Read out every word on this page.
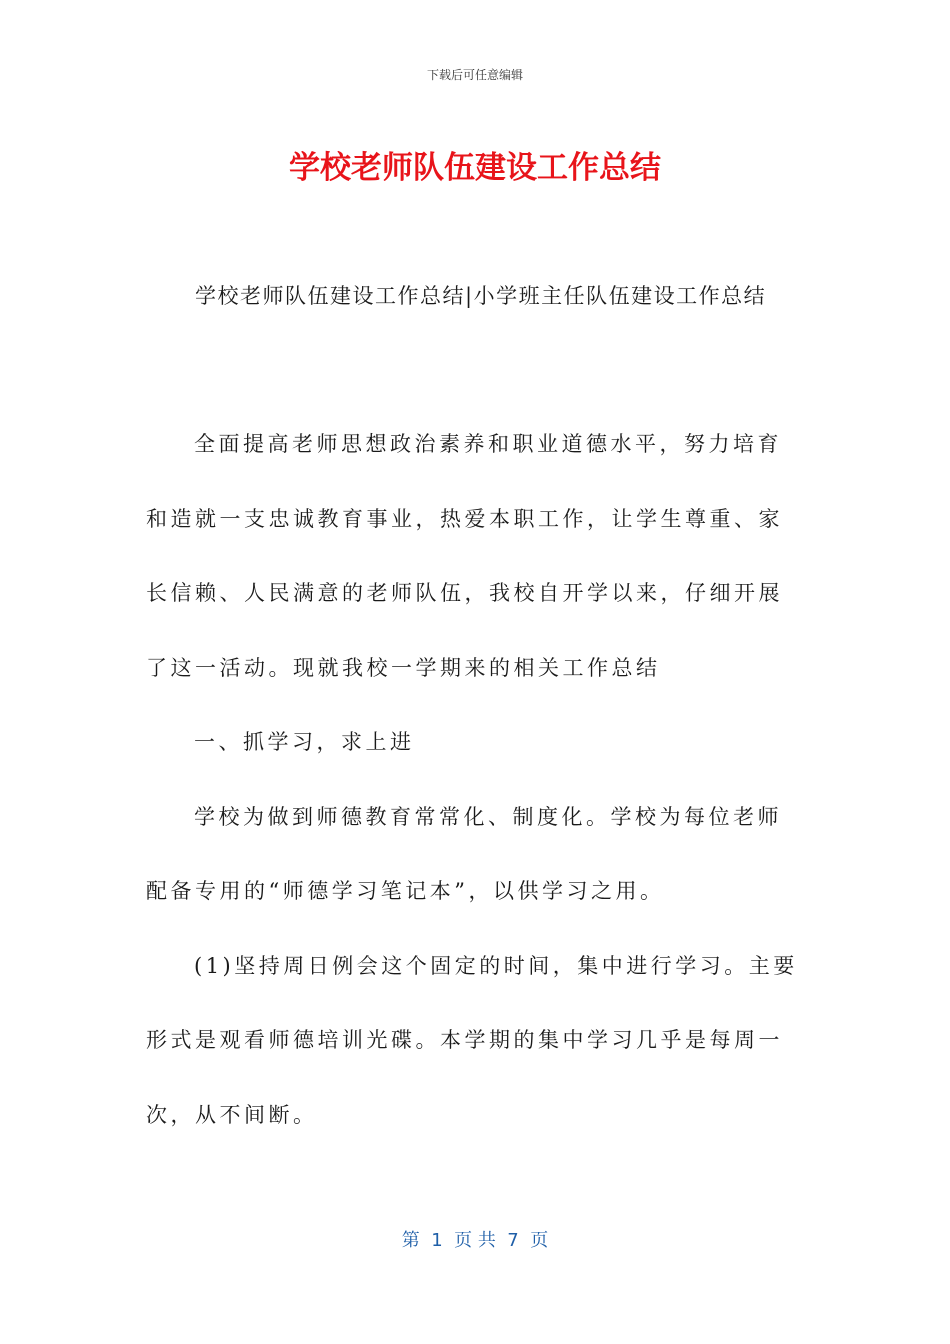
下载后可任意编辑
学校老师队伍建设工作总结
学校老师队伍建设工作总结|小学班主任队伍建设工作总结

全面提高老师思想政治素养和职业道德水平，努力培育和造就一支忠诚教育事业，热爱本职工作，让学生尊重、家长信赖、人民满意的老师队伍，我校自开学以来，仔细开展了这一活动。现就我校一学期来的相关工作总结

一、抓学习，求上进

学校为做到师德教育常常化、制度化。学校为每位老师配备专用的“师德学习笔记本”，以供学习之用。

(1)坚持周日例会这个固定的时间，集中进行学习。主要形式是观看师德培训光碟。本学期的集中学习几乎是每周一次，从不间断。

第  1  页 共  7  页
